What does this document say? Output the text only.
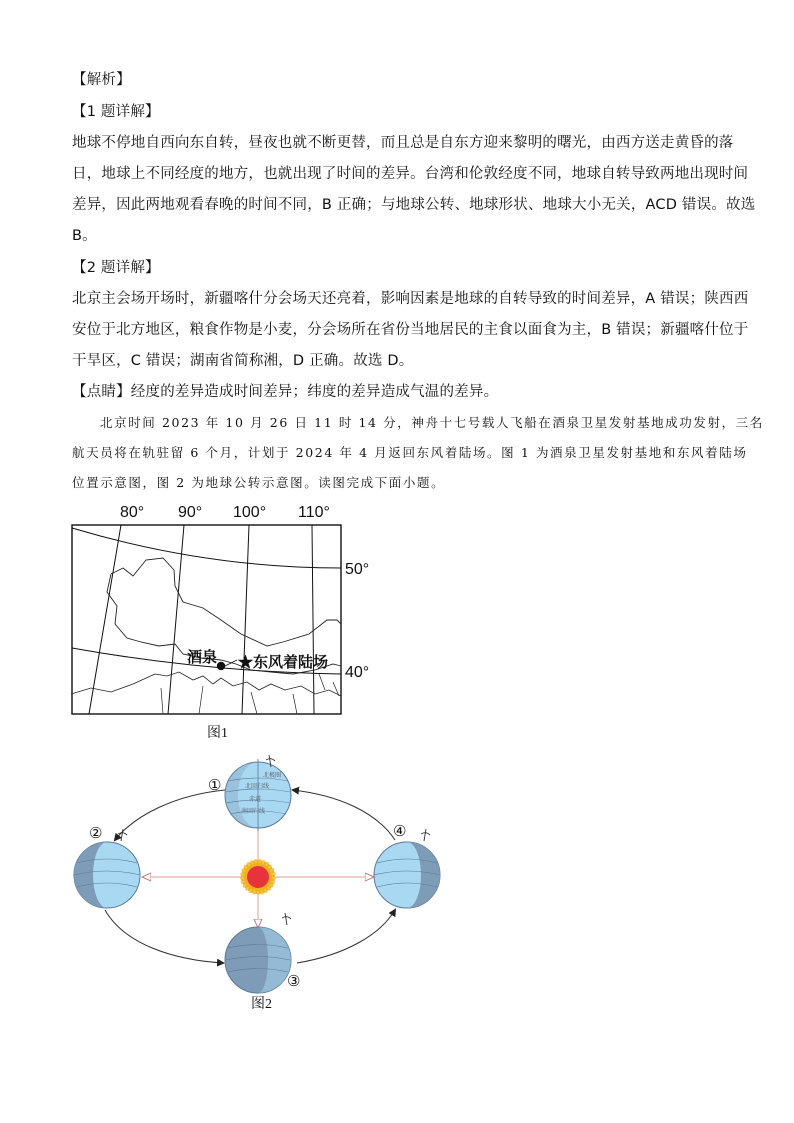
【解析】
【1 题详解】
地球不停地自西向东自转，昼夜也就不断更替，而且总是自东方迎来黎明的曙光，由西方送走黄昏的落
日，地球上不同经度的地方，也就出现了时间的差异。台湾和伦敦经度不同，地球自转导致两地出现时间
差异，因此两地观看春晚的时间不同，B 正确；与地球公转、地球形状、地球大小无关，ACD 错误。故选
B。
【2 题详解】
北京主会场开场时，新疆喀什分会场天还亮着，影响因素是地球的自转导致的时间差异，A 错误；陕西西
安位于北方地区，粮食作物是小麦，分会场所在省份当地居民的主食以面食为主，B 错误；新疆喀什位于
干旱区，C 错误；湖南省简称湘，D 正确。故选 D。
【点睛】经度的差异造成时间差异；纬度的差异造成气温的差异。
北京时间 2023 年 10 月 26 日 11 时 14 分，神舟十七号载人飞船在酒泉卫星发射基地成功发射，三名
航天员将在轨驻留 6 个月，计划于 2024 年 4 月返回东风着陆场。图 1 为酒泉卫星发射基地和东风着陆场
位置示意图，图 2 为地球公转示意图。读图完成下面小题。
80° 90° 100° 110°
50°
40°
酒泉 ★东风着陆场
图1
北极圈
北回归线
赤道
南回归线
①
②
③
④
图2
